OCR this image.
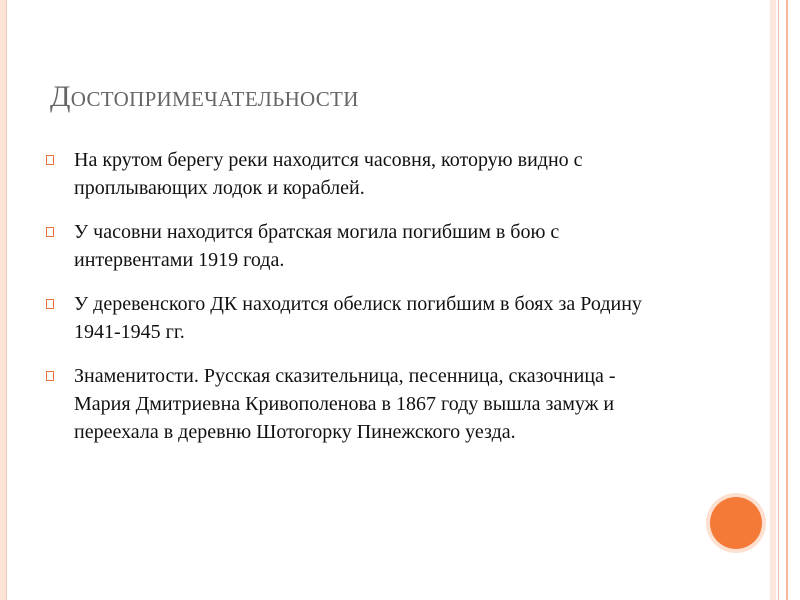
Достопримечательности
На крутом берегу реки находится часовня, которую видно с проплывающих лодок и кораблей.
У часовни находится братская могила погибшим в бою с интервентами 1919 года.
У деревенского ДК находится обелиск погибшим в боях за Родину 1941-1945 гг.
Знаменитости. Русская сказительница, песенница, сказочница - Мария Дмитриевна Кривополенова в 1867 году вышла замуж и переехала в деревню Шотогорку Пинежского уезда.
